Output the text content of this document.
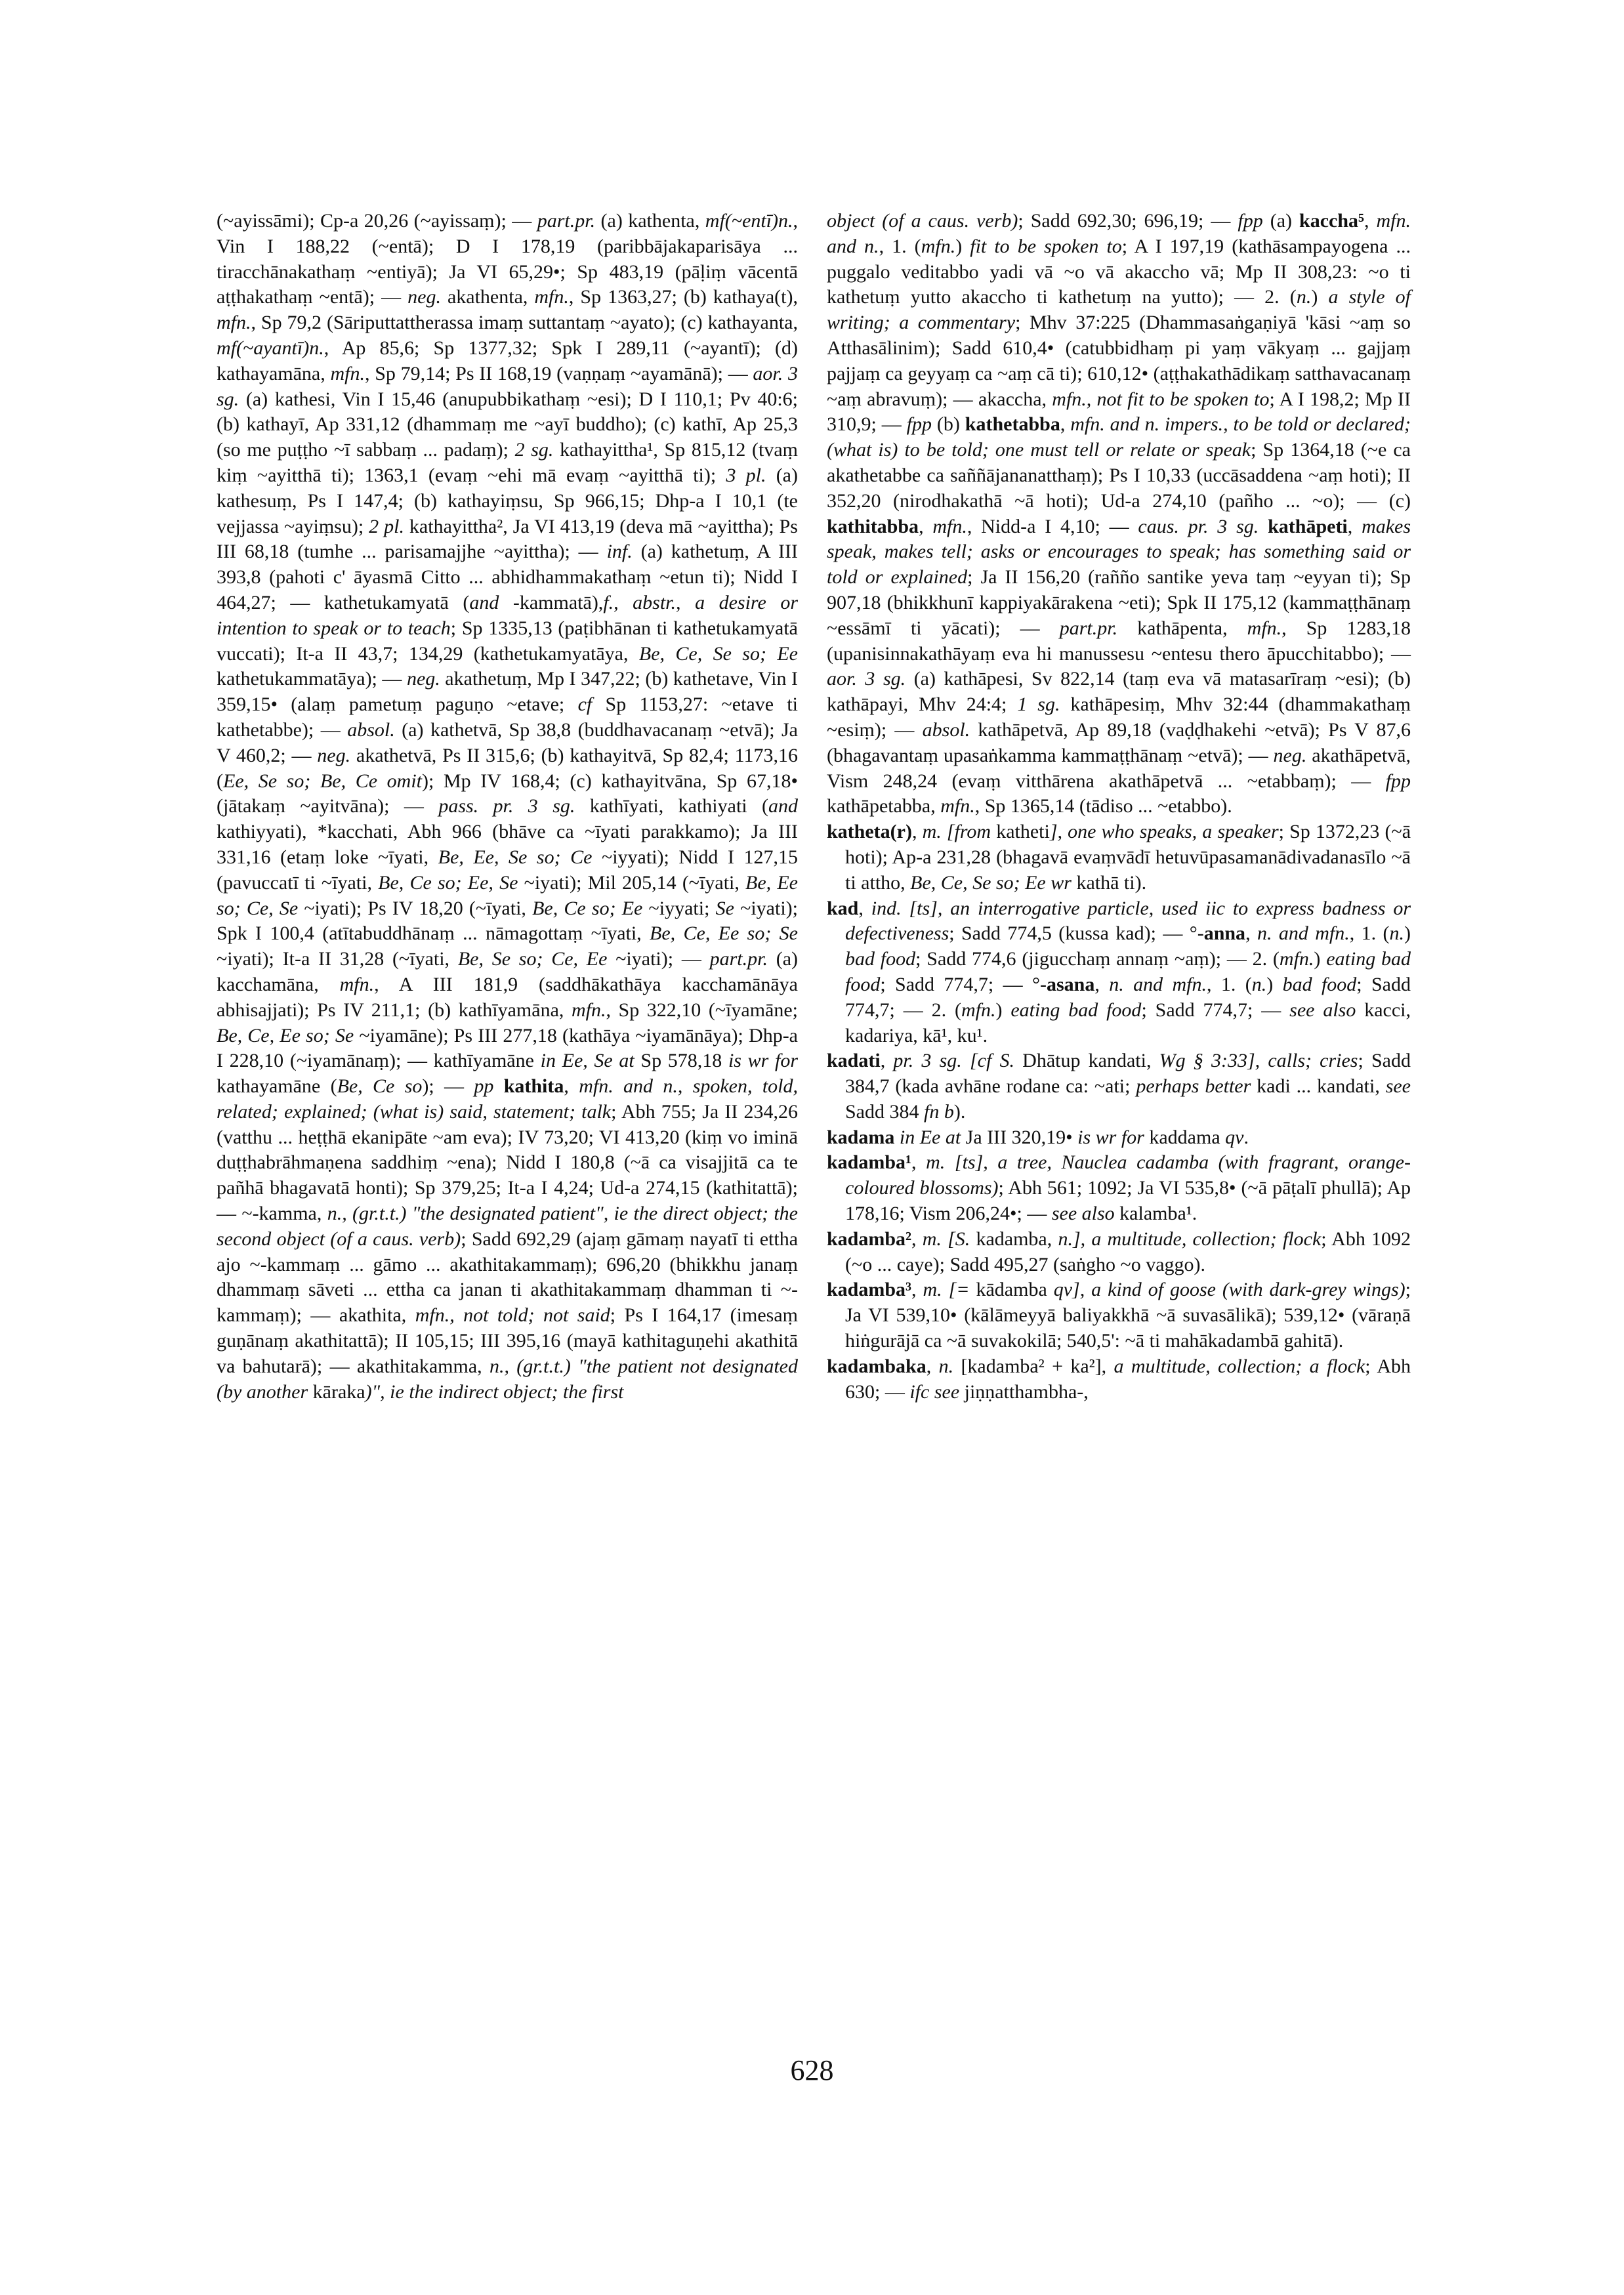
(~ayissāmi); Cp-a 20,26 (~ayissaṃ); — part.pr. (a) kathenta, mf(~entī)n., Vin I 188,22 (~entā); D I 178,19 (paribbājakaparisāya ... tiracchānakathaṃ ~entiyā); Ja VI 65,29•; Sp 483,19 (pāḷiṃ vācentā aṭṭhakathaṃ ~entā); — neg. akathenta, mfn., Sp 1363,27; (b) kathaya(t), mfn., Sp 79,2 (Sāriputtattherassa imaṃ suttantaṃ ~ayato); (c) kathayanta, mf(~ayantī)n., Ap 85,6; Sp 1377,32; Spk I 289,11 (~ayantī); (d) kathayamāna, mfn., Sp 79,14; Ps II 168,19 (vaṇṇaṃ ~ayamānā); — aor. 3 sg. (a) kathesi, Vin I 15,46 (anupubbikathaṃ ~esi); D I 110,1; Pv 40:6; (b) kathayī, Ap 331,12 (dhammaṃ me ~ayī buddho); (c) kathī, Ap 25,3 (so me puṭṭho ~ī sabbaṃ ... padaṃ); 2 sg. kathayittha¹, Sp 815,12 (tvaṃ kiṃ ~ayitthā ti); 1363,1 (evaṃ ~ehi mā evaṃ ~ayitthā ti); 3 pl. (a) kathesuṃ, Ps I 147,4; (b) kathayiṃsu, Sp 966,15; Dhp-a I 10,1 (te vejjassa ~ayiṃsu); 2 pl. kathayittha², Ja VI 413,19 (deva mā ~ayittha); Ps III 68,18 (tumhe ... parisamajjhe ~ayittha); — inf. (a) kathetuṃ, A III 393,8 (pahoti c' āyasmā Citto ... abhidhammakathaṃ ~etun ti); Nidd I 464,27; — kathetukamyatā (and -kammatā),f., abstr., a desire or intention to speak or to teach; Sp 1335,13 (paṭibhānan ti kathetukamyatā vuccati); It-a II 43,7; 134,29 (kathetukamyatāya, Be, Ce, Se so; Ee kathetukammatāya); — neg. akathetuṃ, Mp I 347,22; (b) kathetave, Vin I 359,15• (alaṃ pametuṃ paguṇo ~etave; cf Sp 1153,27: ~etave ti kathetabbe); — absol. (a) kathetvā, Sp 38,8 (buddhavacanaṃ ~etvā); Ja V 460,2; — neg. akathetvā, Ps II 315,6; (b) kathayitvā, Sp 82,4; 1173,16 (Ee, Se so; Be, Ce omit); Mp IV 168,4; (c) kathayitvāna, Sp 67,18• (jātakaṃ ~ayitvāna); — pass. pr. 3 sg. kathīyati, kathiyati (and kathiyyati), *kacchati, Abh 966 (bhāve ca ~īyati parakkamo); Ja III 331,16 (etaṃ loke ~īyati, Be, Ee, Se so; Ce ~iyyati); Nidd I 127,15 (pavuccatī ti ~īyati, Be, Ce so; Ee, Se ~iyati); Mil 205,14 (~īyati, Be, Ee so; Ce, Se ~iyati); Ps IV 18,20 (~īyati, Be, Ce so; Ee ~iyyati; Se ~iyati); Spk I 100,4 (atītabuddhānaṃ ... nāmagottaṃ ~īyati, Be, Ce, Ee so; Se ~iyati); It-a II 31,28 (~īyati, Be, Se so; Ce, Ee ~iyati); — part.pr. (a) kacchamāna, mfn., A III 181,9 (saddhākathāya kacchamānāya abhisajjati); Ps IV 211,1; (b) kathīyamāna, mfn., Sp 322,10 (~īyamāne; Be, Ce, Ee so; Se ~iyamāne); Ps III 277,18 (kathāya ~iyamānāya); Dhp-a I 228,10 (~iyamānaṃ); — kathīyamāne in Ee, Se at Sp 578,18 is wr for kathayamāne (Be, Ce so); — pp kathita, mfn. and n., spoken, told, related; explained; (what is) said, statement; talk; Abh 755; Ja II 234,26 (vatthu ... heṭṭhā ekanipāte ~am eva); IV 73,20; VI 413,20 (kiṃ vo iminā duṭṭhabrāhmaṇena saddhiṃ ~ena); Nidd I 180,8 (~ā ca visajjitā ca te pañhā bhagavatā honti); Sp 379,25; It-a I 4,24; Ud-a 274,15 (kathitattā); — ~-kamma, n., (gr.t.t.) "the designated patient", ie the direct object; the second object (of a caus. verb); Sadd 692,29 (ajaṃ gāmaṃ nayatī ti ettha ajo ~-kammaṃ ... gāmo ... akathitakammaṃ); 696,20 (bhikkhu janaṃ dhammaṃ sāveti ... ettha ca janan ti akathitakammaṃ dhamman ti ~-kammaṃ); — akathita, mfn., not told; not said; Ps I 164,17 (imesaṃ guṇānaṃ akathitattā); II 105,15; III 395,16 (mayā kathitaguṇehi akathitā va bahutarā); — akathitakamma, n., (gr.t.t.) "the patient not designated (by another kāraka)", ie the indirect object; the first

object (of a caus. verb); Sadd 692,30; 696,19; — fpp (a) kaccha⁵, mfn. and n., 1. (mfn.) fit to be spoken to; A I 197,19 (kathāsampayogena ... puggalo veditabbo yadi vā ~o vā akaccho vā; Mp II 308,23: ~o ti kathetuṃ yutto akaccho ti kathetuṃ na yutto); — 2. (n.) a style of writing; a commentary; Mhv 37:225 (Dhammasaṅgaṇiyā 'kāsi ~aṃ so Atthasālinim); Sadd 610,4• (catubbidhaṃ pi yaṃ vākyaṃ ... gajjaṃ pajjaṃ ca geyyaṃ ca ~aṃ cā ti); 610,12• (aṭṭhakathādikaṃ satthavacanaṃ ~aṃ abravuṃ); — akaccha, mfn., not fit to be spoken to; A I 198,2; Mp II 310,9; — fpp (b) kathetabba, mfn. and n. impers., to be told or declared; (what is) to be told; one must tell or relate or speak; Sp 1364,18 (~e ca akathetabbe ca saññājananatthaṃ); Ps I 10,33 (uccāsaddena ~aṃ hoti); II 352,20 (nirodhakathā ~ā hoti); Ud-a 274,10 (pañho ... ~o); — (c) kathitabba, mfn., Nidd-a I 4,10; — caus. pr. 3 sg. kathāpeti, makes speak, makes tell; asks or encourages to speak; has something said or told or explained; Ja II 156,20 (rañño santike yeva taṃ ~eyyan ti); Sp 907,18 (bhikkhunī kappiyakārakena ~eti); Spk II 175,12 (kammaṭṭhānaṃ ~essāmī ti yācati); — part.pr. kathāpenta, mfn., Sp 1283,18 (upanisinnakathāyaṃ eva hi manussesu ~entesu thero āpucchitabbo); — aor. 3 sg. (a) kathāpesi, Sv 822,14 (taṃ eva vā matasarīraṃ ~esi); (b) kathāpayi, Mhv 24:4; 1 sg. kathāpesiṃ, Mhv 32:44 (dhammakathaṃ ~esiṃ); — absol. kathāpetvā, Ap 89,18 (vaḍḍhakehi ~etvā); Ps V 87,6 (bhagavantaṃ upasaṅkamma kammaṭṭhānaṃ ~etvā); — neg. akathāpetvā, Vism 248,24 (evaṃ vitthārena akathāpetvā ... ~etabbaṃ); — fpp kathāpetabba, mfn., Sp 1365,14 (tādiso ... ~etabbo).

katheta(r), m. [from katheti], one who speaks, a speaker; Sp 1372,23 (~ā hoti); Ap-a 231,28 (bhagavā evaṃvādī hetuvūpasamanādivadanasīlo ~ā ti attho, Be, Ce, Se so; Ee wr kathā ti).

kad, ind. [ts], an interrogative particle, used iic to express badness or defectiveness; Sadd 774,5 (kussa kad); — °-anna, n. and mfn., 1. (n.) bad food; Sadd 774,6 (jigucchaṃ annaṃ ~aṃ); — 2. (mfn.) eating bad food; Sadd 774,7; — °-asana, n. and mfn., 1. (n.) bad food; Sadd 774,7; — 2. (mfn.) eating bad food; Sadd 774,7; — see also kacci, kadariya, kā¹, ku¹.

kadati, pr. 3 sg. [cf S. Dhātup kandati, Wg § 3:33], calls; cries; Sadd 384,7 (kada avhāne rodane ca: ~ati; perhaps better kadi ... kandati, see Sadd 384 fn b).

kadama in Ee at Ja III 320,19• is wr for kaddama qv.

kadamba¹, m. [ts], a tree, Nauclea cadamba (with fragrant, orange-coloured blossoms); Abh 561; 1092; Ja VI 535,8• (~ā pāṭalī phullā); Ap 178,16; Vism 206,24•; — see also kalamba¹.

kadamba², m. [S. kadamba, n.], a multitude, collection; flock; Abh 1092 (~o ... caye); Sadd 495,27 (saṅgho ~o vaggo).

kadamba³, m. [= kādamba qv], a kind of goose (with dark-grey wings); Ja VI 539,10• (kālāmeyyā baliyakkhā ~ā suvasālikā); 539,12• (vāraṇā hiṅgurājā ca ~ā suvakokilā; 540,5': ~ā ti mahākadambā gahitā).

kadambaka, n. [kadamba² + ka²], a multitude, collection; a flock; Abh 630; — ifc see jiṇṇatthambha-,

628
